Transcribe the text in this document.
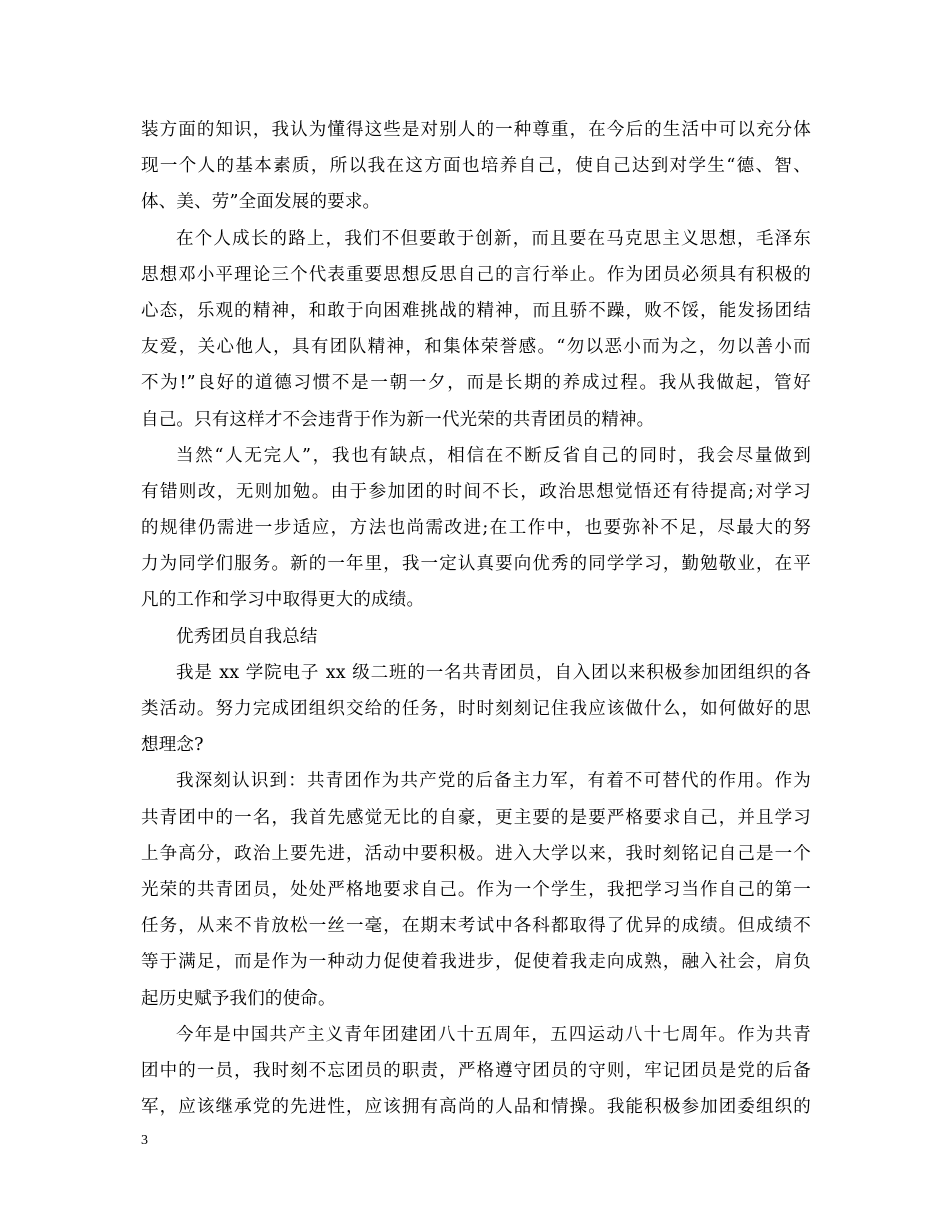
装方面的知识，我认为懂得这些是对别人的一种尊重，在今后的生活中可以充分体
现一个人的基本素质，所以我在这方面也培养自己，使自己达到对学生“德、智、
体、美、劳”全面发展的要求。
在个人成长的路上，我们不但要敢于创新，而且要在马克思主义思想，毛泽东
思想邓小平理论三个代表重要思想反思自己的言行举止。作为团员必须具有积极的
心态，乐观的精神，和敢于向困难挑战的精神，而且骄不躁，败不馁，能发扬团结
友爱，关心他人，具有团队精神，和集体荣誉感。“勿以恶小而为之，勿以善小而
不为!”良好的道德习惯不是一朝一夕，而是长期的养成过程。我从我做起，管好
自己。只有这样才不会违背于作为新一代光荣的共青团员的精神。
当然“人无完人”，我也有缺点，相信在不断反省自己的同时，我会尽量做到
有错则改，无则加勉。由于参加团的时间不长，政治思想觉悟还有待提高;对学习
的规律仍需进一步适应，方法也尚需改进;在工作中，也要弥补不足，尽最大的努
力为同学们服务。新的一年里，我一定认真要向优秀的同学学习，勤勉敬业，在平
凡的工作和学习中取得更大的成绩。
优秀团员自我总结
我是 xx 学院电子 xx 级二班的一名共青团员，自入团以来积极参加团组织的各
类活动。努力完成团组织交给的任务，时时刻刻记住我应该做什么，如何做好的思
想理念?
我深刻认识到：共青团作为共产党的后备主力军，有着不可替代的作用。作为
共青团中的一名，我首先感觉无比的自豪，更主要的是要严格要求自己，并且学习
上争高分，政治上要先进，活动中要积极。进入大学以来，我时刻铭记自己是一个
光荣的共青团员，处处严格地要求自己。作为一个学生，我把学习当作自己的第一
任务，从来不肯放松一丝一毫，在期末考试中各科都取得了优异的成绩。但成绩不
等于满足，而是作为一种动力促使着我进步，促使着我走向成熟，融入社会，肩负
起历史赋予我们的使命。
今年是中国共产主义青年团建团八十五周年，五四运动八十七周年。作为共青
团中的一员，我时刻不忘团员的职责，严格遵守团员的守则，牢记团员是党的后备
军，应该继承党的先进性，应该拥有高尚的人品和情操。我能积极参加团委组织的
3
